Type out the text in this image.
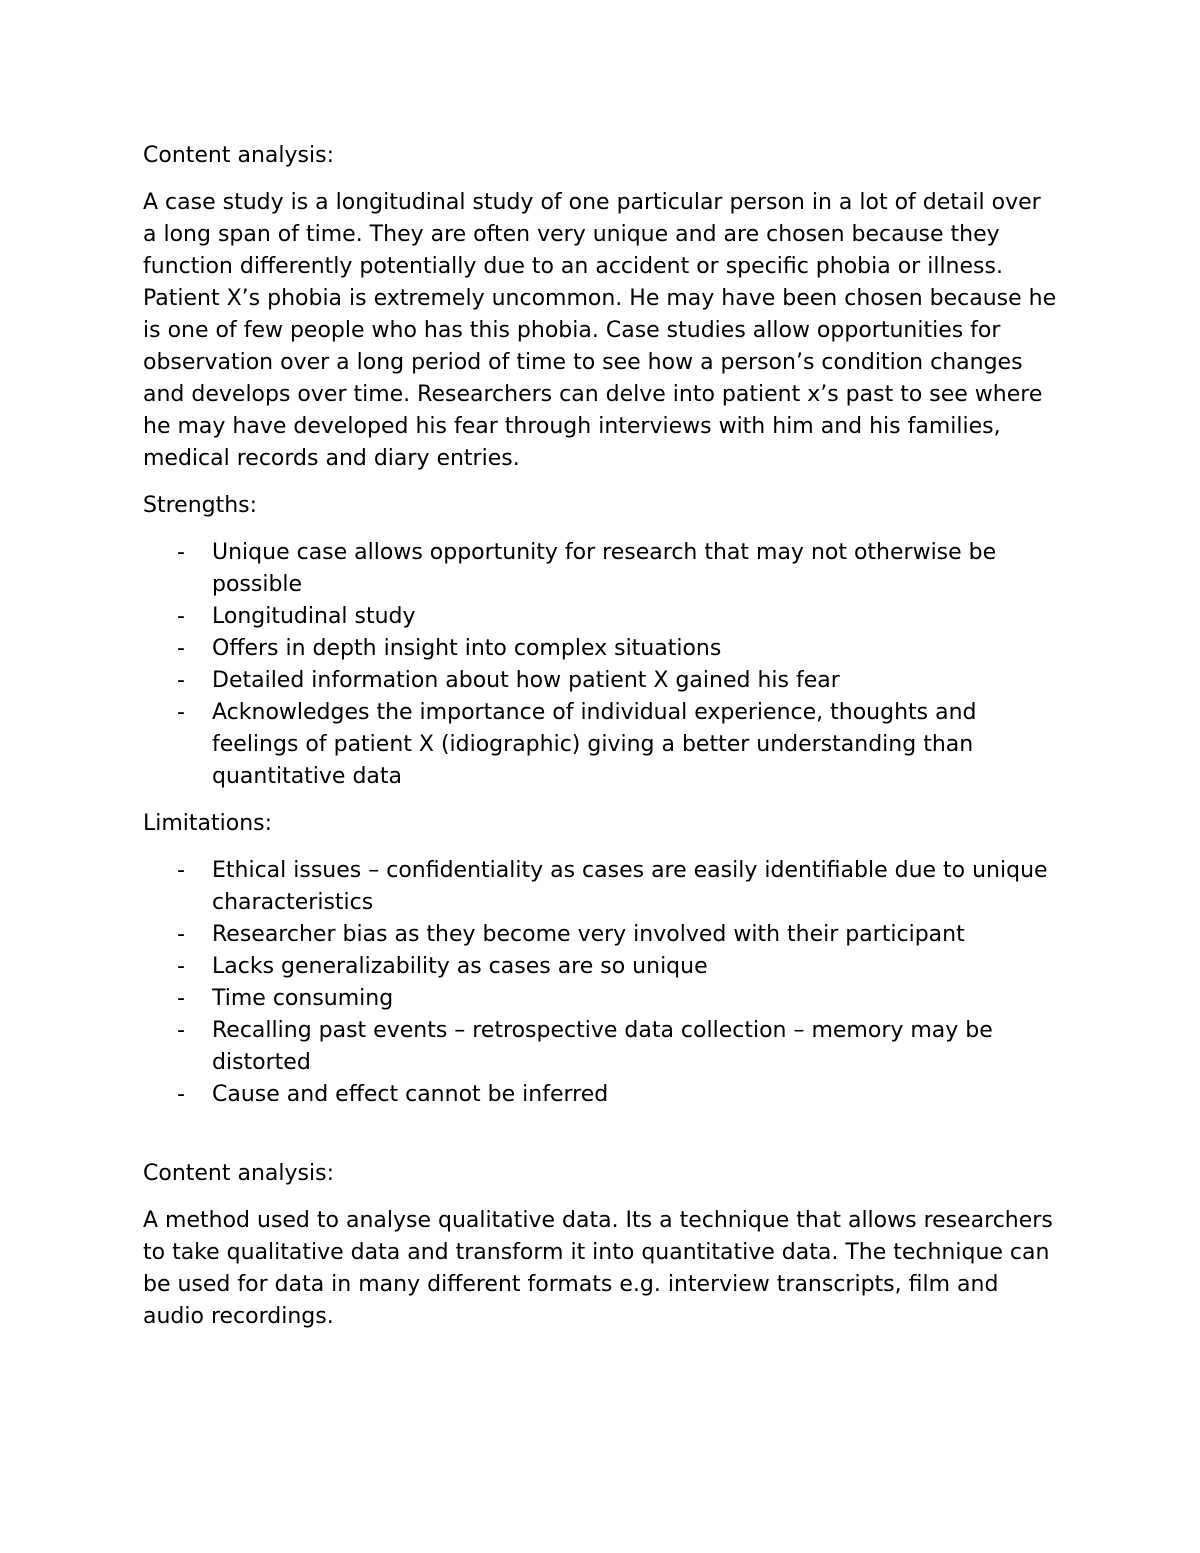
Content analysis:

A case study is a longitudinal study of one particular person in a lot of detail over a long span of time. They are often very unique and are chosen because they function differently potentially due to an accident or specific phobia or illness. Patient X’s phobia is extremely uncommon. He may have been chosen because he is one of few people who has this phobia. Case studies allow opportunities for observation over a long period of time to see how a person’s condition changes and develops over time. Researchers can delve into patient x’s past to see where he may have developed his fear through interviews with him and his families, medical records and diary entries.

Strengths:

- Unique case allows opportunity for research that may not otherwise be possible
- Longitudinal study
- Offers in depth insight into complex situations
- Detailed information about how patient X gained his fear
- Acknowledges the importance of individual experience, thoughts and feelings of patient X (idiographic) giving a better understanding than quantitative data

Limitations:

- Ethical issues – confidentiality as cases are easily identifiable due to unique characteristics
- Researcher bias as they become very involved with their participant
- Lacks generalizability as cases are so unique
- Time consuming
- Recalling past events – retrospective data collection – memory may be distorted
- Cause and effect cannot be inferred

Content analysis:

A method used to analyse qualitative data. Its a technique that allows researchers to take qualitative data and transform it into quantitative data. The technique can be used for data in many different formats e.g. interview transcripts, film and audio recordings.
